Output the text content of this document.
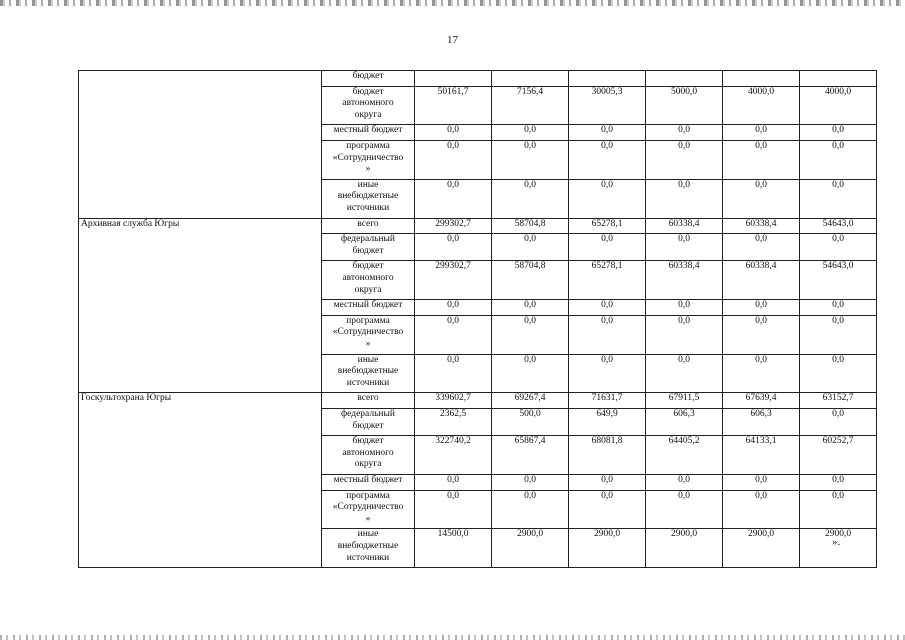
17
	бюджет						
	бюджет
автономного
округа	50161,7	7156,4	30005,3	5000,0	4000,0	4000,0
	местный бюджет	0,0	0,0	0,0	0,0	0,0	0,0
	программа
«Сотрудничество
»	0,0	0,0	0,0	0,0	0,0	0,0
	иные
внебюджетные
источники	0,0	0,0	0,0	0,0	0,0	0,0
Архивная служба Югры	всего	299302,7	58704,8	65278,1	60338,4	60338,4	54643,0
	федеральный
бюджет	0,0	0,0	0,0	0,0	0,0	0,0
	бюджет
автономного
округа	299302,7	58704,8	65278,1	60338,4	60338,4	54643,0
	местный бюджет	0,0	0,0	0,0	0,0	0,0	0,0
	программа
«Сотрудничество
»	0,0	0,0	0,0	0,0	0,0	0,0
	иные
внебюджетные
источники	0,0	0,0	0,0	0,0	0,0	0,0
Госкультохрана Югры	всего	339602,7	69267,4	71631,7	67911,5	67639,4	63152,7
	федеральный
бюджет	2362,5	500,0	649,9	606,3	606,3	0,0
	бюджет
автономного
округа	322740,2	65867,4	68081,8	64405,2	64133,1	60252,7
	местный бюджет	0,0	0,0	0,0	0,0	0,0	0,0
	программа
«Сотрудничество
»	0,0	0,0	0,0	0,0	0,0	0,0
	иные
внебюджетные
источники	14500,0	2900,0	2900,0	2900,0	2900,0	2900,0
».
